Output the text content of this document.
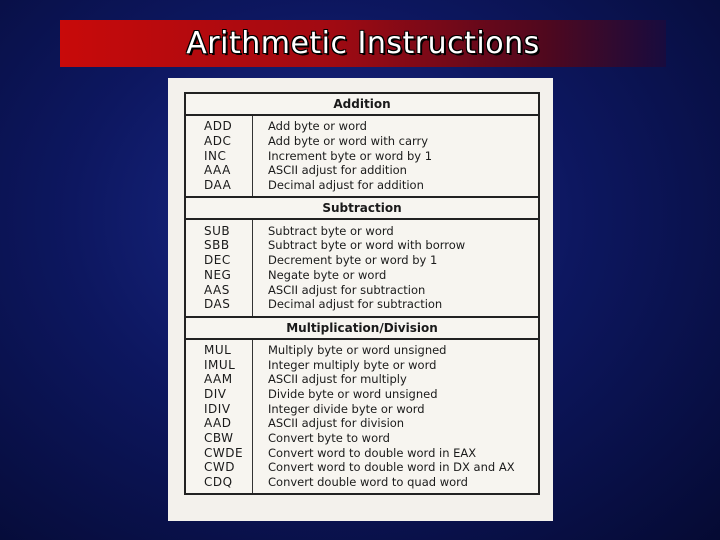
Arithmetic Instructions
Addition
ADD	Add byte or word
ADC	Add byte or word with carry
INC	Increment byte or word by 1
AAA	ASCII adjust for addition
DAA	Decimal adjust for addition
Subtraction
SUB	Subtract byte or word
SBB	Subtract byte or word with borrow
DEC	Decrement byte or word by 1
NEG	Negate byte or word
AAS	ASCII adjust for subtraction
DAS	Decimal adjust for subtraction
Multiplication/Division
MUL	Multiply byte or word unsigned
IMUL	Integer multiply byte or word
AAM	ASCII adjust for multiply
DIV	Divide byte or word unsigned
IDIV	Integer divide byte or word
AAD	ASCII adjust for division
CBW	Convert byte to word
CWDE	Convert word to double word in EAX
CWD	Convert word to double word in DX and AX
CDQ	Convert double word to quad word
